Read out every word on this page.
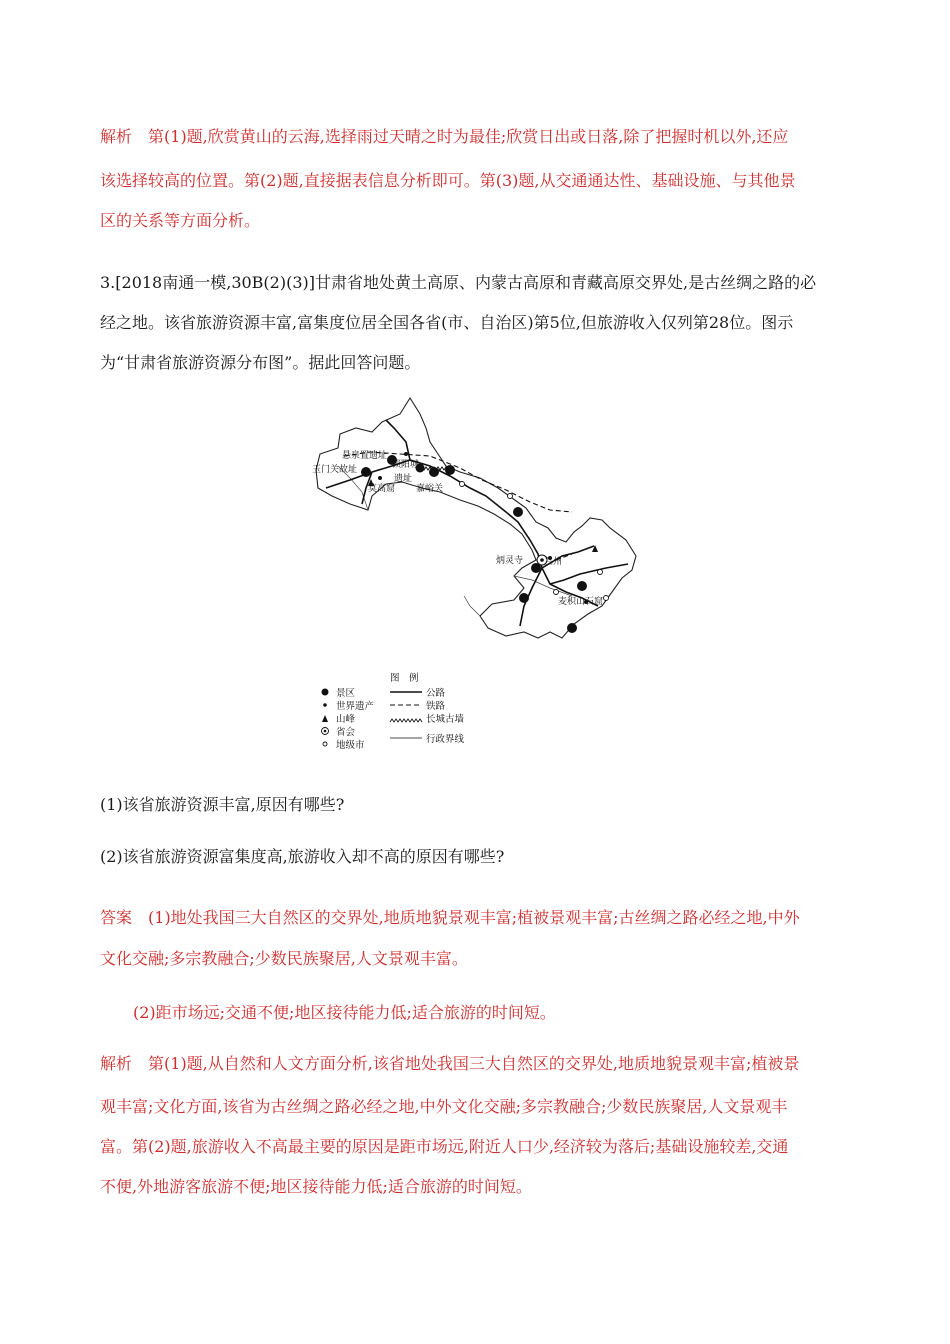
解析 第(1)题,欣赏黄山的云海,选择雨过天晴之时为最佳;欣赏日出或日落,除了把握时机以外,还应

该选择较高的位置。第(2)题,直接据表信息分析即可。第(3)题,从交通通达性、基础设施、与其他景

区的关系等方面分析。

3.[2018南通一模,30B(2)(3)]甘肃省地处黄土高原、内蒙古高原和青藏高原交界处,是古丝绸之路的必

经之地。该省旅游资源丰富,富集度位居全国各省(市、自治区)第5位,但旅游收入仅列第28位。图示

为“甘肃省旅游资源分布图”。据此回答问题。

悬泉置遗址
玉门关故址	锁阳城
遗址
莫高窟 嘉峪关
炳灵寺 兰州
麦积山石窟
图　例
景区
世界遗产
山峰
省会
地级市
公路
铁路
长城古墙
行政界线

(1)该省旅游资源丰富,原因有哪些?

(2)该省旅游资源富集度高,旅游收入却不高的原因有哪些?

答案 (1)地处我国三大自然区的交界处,地质地貌景观丰富;植被景观丰富;古丝绸之路必经之地,中外

文化交融;多宗教融合;少数民族聚居,人文景观丰富。

(2)距市场远;交通不便;地区接待能力低;适合旅游的时间短。

解析 第(1)题,从自然和人文方面分析,该省地处我国三大自然区的交界处,地质地貌景观丰富;植被景

观丰富;文化方面,该省为古丝绸之路必经之地,中外文化交融;多宗教融合;少数民族聚居,人文景观丰

富。第(2)题,旅游收入不高最主要的原因是距市场远,附近人口少,经济较为落后;基础设施较差,交通

不便,外地游客旅游不便;地区接待能力低;适合旅游的时间短。
